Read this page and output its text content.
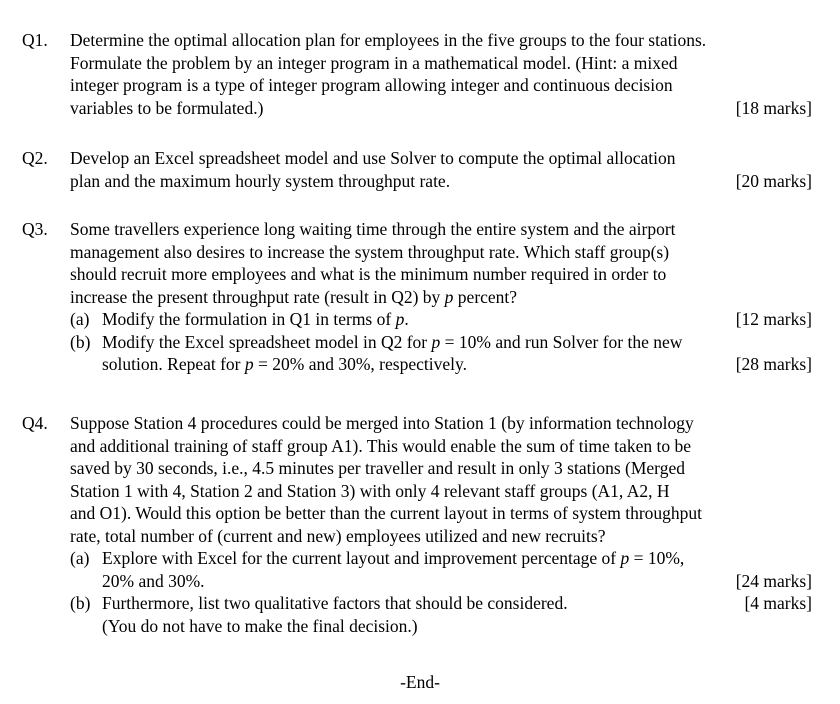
Q1.	Determine the optimal allocation plan for employees in the five groups to the four stations.
Formulate the problem by an integer program in a mathematical model. (Hint: a mixed
integer program is a type of integer program allowing integer and continuous decision
variables to be formulated.)	[18 marks]
Q2.	Develop an Excel spreadsheet model and use Solver to compute the optimal allocation
plan and the maximum hourly system throughput rate.	[20 marks]
Q3.	Some travellers experience long waiting time through the entire system and the airport
management also desires to increase the system throughput rate. Which staff group(s)
should recruit more employees and what is the minimum number required in order to
increase the present throughput rate (result in Q2) by p percent?
(a) Modify the formulation in Q1 in terms of p.	[12 marks]
(b) Modify the Excel spreadsheet model in Q2 for p = 10% and run Solver for the new
solution. Repeat for p = 20% and 30%, respectively.	[28 marks]
Q4.	Suppose Station 4 procedures could be merged into Station 1 (by information technology
and additional training of staff group A1). This would enable the sum of time taken to be
saved by 30 seconds, i.e., 4.5 minutes per traveller and result in only 3 stations (Merged
Station 1 with 4, Station 2 and Station 3) with only 4 relevant staff groups (A1, A2, H
and O1). Would this option be better than the current layout in terms of system throughput
rate, total number of (current and new) employees utilized and new recruits?
(a) Explore with Excel for the current layout and improvement percentage of p = 10%,
20% and 30%.	[24 marks]
(b) Furthermore, list two qualitative factors that should be considered.	[4 marks]
(You do not have to make the final decision.)
-End-
